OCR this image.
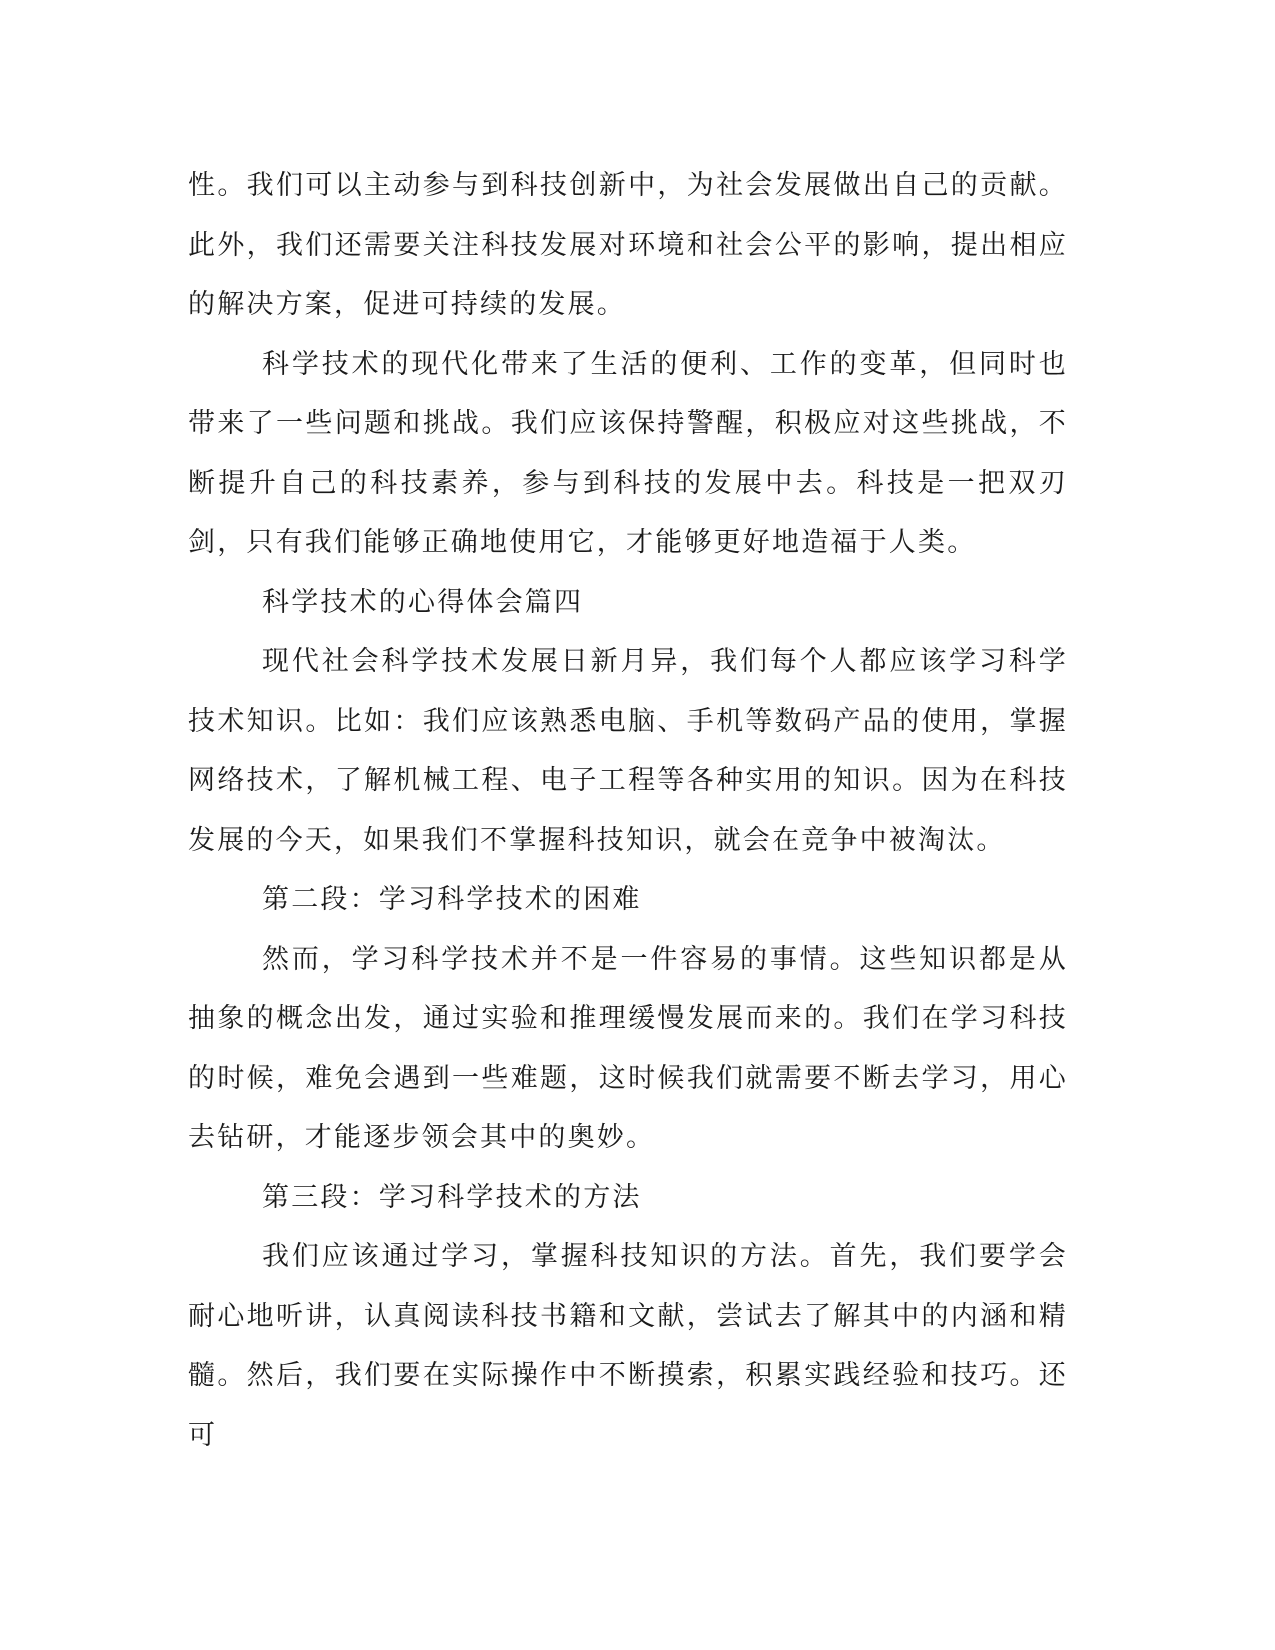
性。我们可以主动参与到科技创新中，为社会发展做出自己的贡献。此外，我们还需要关注科技发展对环境和社会公平的影响，提出相应的解决方案，促进可持续的发展。

科学技术的现代化带来了生活的便利、工作的变革，但同时也带来了一些问题和挑战。我们应该保持警醒，积极应对这些挑战，不断提升自己的科技素养，参与到科技的发展中去。科技是一把双刃剑，只有我们能够正确地使用它，才能够更好地造福于人类。

科学技术的心得体会篇四

现代社会科学技术发展日新月异，我们每个人都应该学习科学技术知识。比如：我们应该熟悉电脑、手机等数码产品的使用，掌握网络技术，了解机械工程、电子工程等各种实用的知识。因为在科技发展的今天，如果我们不掌握科技知识，就会在竞争中被淘汰。

第二段：学习科学技术的困难

然而，学习科学技术并不是一件容易的事情。这些知识都是从抽象的概念出发，通过实验和推理缓慢发展而来的。我们在学习科技的时候，难免会遇到一些难题，这时候我们就需要不断去学习，用心去钻研，才能逐步领会其中的奥妙。

第三段：学习科学技术的方法

我们应该通过学习，掌握科技知识的方法。首先，我们要学会耐心地听讲，认真阅读科技书籍和文献，尝试去了解其中的内涵和精髓。然后，我们要在实际操作中不断摸索，积累实践经验和技巧。还可
